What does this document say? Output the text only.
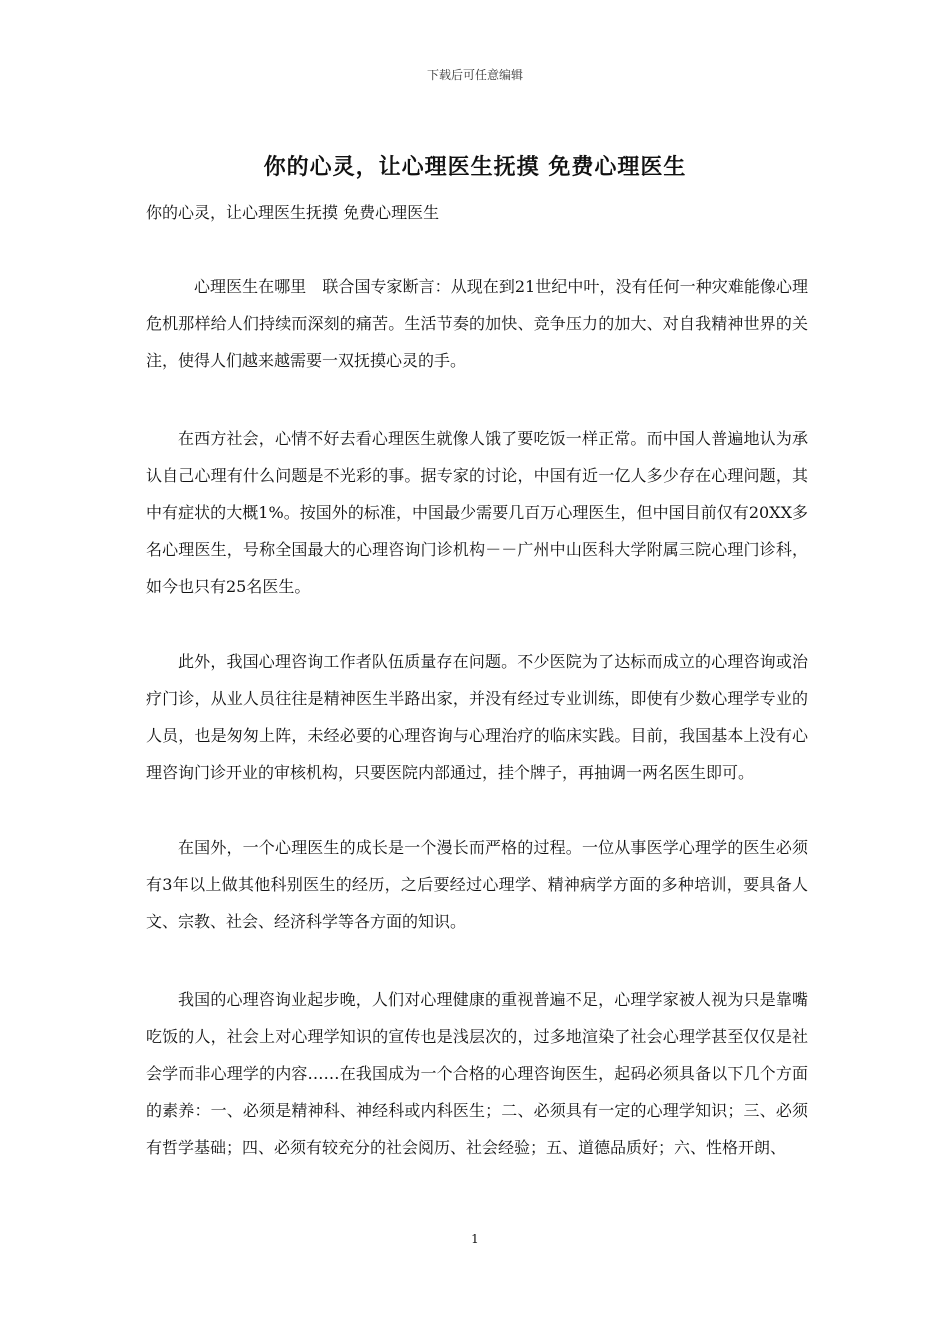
下载后可任意编辑
你的心灵，让心理医生抚摸 免费心理医生
你的心灵，让心理医生抚摸 免费心理医生

心理医生在哪里　联合国专家断言：从现在到21世纪中叶，没有任何一种灾难能像心理危机那样给人们持续而深刻的痛苦。生活节奏的加快、竞争压力的加大、对自我精神世界的关注，使得人们越来越需要一双抚摸心灵的手。

在西方社会，心情不好去看心理医生就像人饿了要吃饭一样正常。而中国人普遍地认为承认自己心理有什么问题是不光彩的事。据专家的讨论，中国有近一亿人多少存在心理问题，其中有症状的大概1%。按国外的标准，中国最少需要几百万心理医生，但中国目前仅有20XX多名心理医生，号称全国最大的心理咨询门诊机构－－广州中山医科大学附属三院心理门诊科，如今也只有25名医生。

此外，我国心理咨询工作者队伍质量存在问题。不少医院为了达标而成立的心理咨询或治疗门诊，从业人员往往是精神医生半路出家，并没有经过专业训练，即使有少数心理学专业的人员，也是匆匆上阵，未经必要的心理咨询与心理治疗的临床实践。目前，我国基本上没有心理咨询门诊开业的审核机构，只要医院内部通过，挂个牌子，再抽调一两名医生即可。

在国外，一个心理医生的成长是一个漫长而严格的过程。一位从事医学心理学的医生必须有3年以上做其他科别医生的经历，之后要经过心理学、精神病学方面的多种培训，要具备人文、宗教、社会、经济科学等各方面的知识。

我国的心理咨询业起步晚，人们对心理健康的重视普遍不足，心理学家被人视为只是靠嘴吃饭的人，社会上对心理学知识的宣传也是浅层次的，过多地渲染了社会心理学甚至仅仅是社会学而非心理学的内容……在我国成为一个合格的心理咨询医生，起码必须具备以下几个方面的素养：一、必须是精神科、神经科或内科医生；二、必须具有一定的心理学知识；三、必须有哲学基础；四、必须有较充分的社会阅历、社会经验；五、道德品质好；六、性格开朗、

1
